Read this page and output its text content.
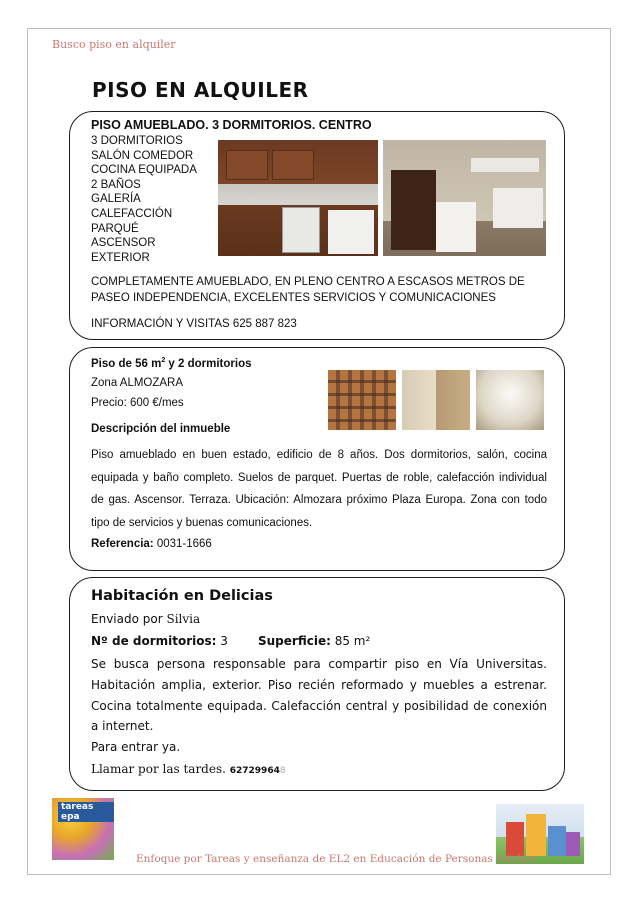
Busco piso en alquiler
PISO EN ALQUILER
PISO AMUEBLADO. 3 DORMITORIOS. CENTRO
3 DORMITORIOS
SALÓN COMEDOR
COCINA EQUIPADA
2 BAÑOS
GALERÍA
CALEFACCIÓN
PARQUÉ
ASCENSOR
EXTERIOR
COMPLETAMENTE AMUEBLADO, EN PLENO CENTRO A ESCASOS METROS DE PASEO INDEPENDENCIA, EXCELENTES SERVICIOS Y COMUNICACIONES
INFORMACIÓN Y VISITAS 625 887 823
Piso de 56 $m^2$ y 2 dormitorios
Zona ALMOZARA
Precio: 600 €/mes
Descripción del inmueble
Piso amueblado en buen estado, edificio de 8 años. Dos dormitorios, salón, cocina equipada y baño completo. Suelos de parquet. Puertas de roble, calefacción individual de gas. Ascensor. Terraza. Ubicación: Almozara próximo Plaza Europa. Zona con todo tipo de servicios y buenas comunicaciones.
Referencia: 0031-1666
Habitación en Delicias
Enviado por Silvia
Nº de dormitorios: 3	Superficie: 85 m²
Se busca persona responsable para compartir piso en Vía Universitas. Habitación amplia, exterior. Piso recién reformado y muebles a estrenar. Cocina totalmente equipada. Calefacción central y posibilidad de conexión a internet.
Para entrar ya.
Llamar por las tardes. 627299648
tareas epa
Enfoque por Tareas y enseñanza de EL2 en Educación de Personas Adultas
